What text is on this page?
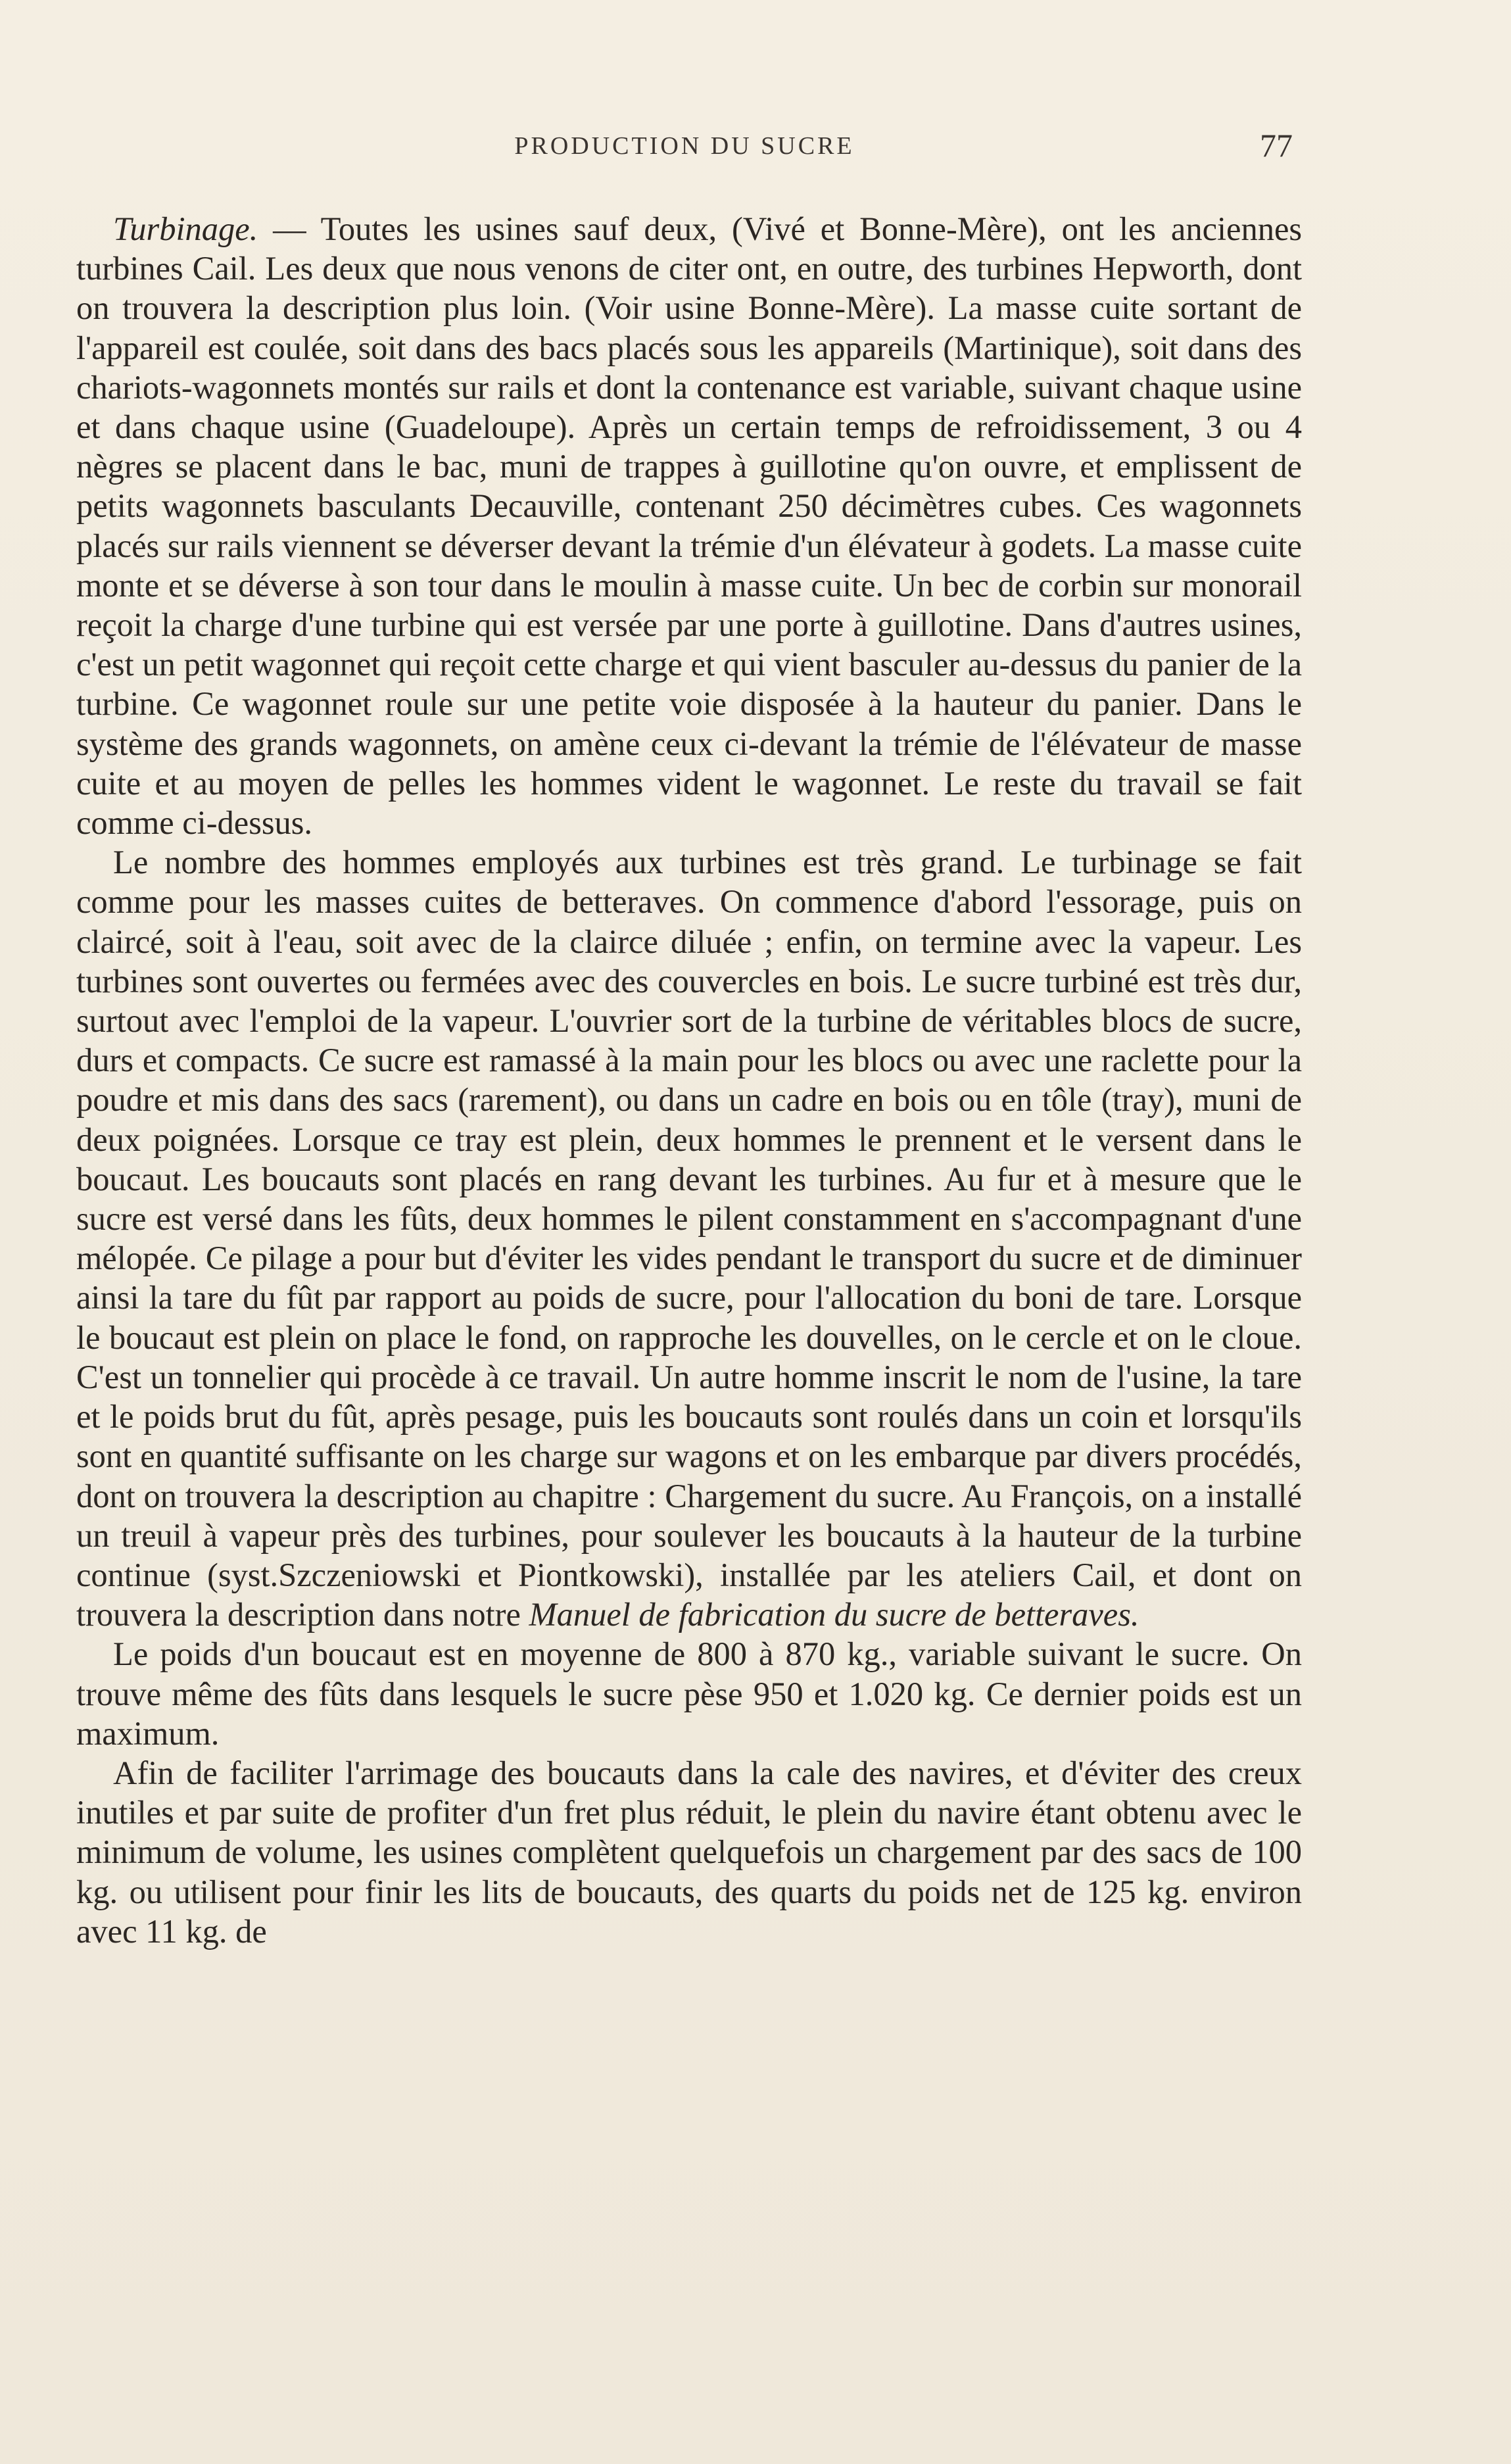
PRODUCTION DU SUCRE	77

Turbinage. — Toutes les usines sauf deux, (Vivé et Bonne-Mère), ont les anciennes turbines Cail. Les deux que nous venons de citer ont, en outre, des turbines Hepworth, dont on trouvera la description plus loin. (Voir usine Bonne-Mère). La masse cuite sortant de l'appareil est coulée, soit dans des bacs placés sous les appareils (Martinique), soit dans des chariots-wagonnets montés sur rails et dont la contenance est variable, suivant chaque usine et dans chaque usine (Guadeloupe). Après un certain temps de refroidissement, 3 ou 4 nègres se placent dans le bac, muni de trappes à guillotine qu'on ouvre, et emplissent de petits wagonnets basculants Decauville, contenant 250 décimètres cubes. Ces wagonnets placés sur rails viennent se déverser devant la trémie d'un élévateur à godets. La masse cuite monte et se déverse à son tour dans le moulin à masse cuite. Un bec de corbin sur monorail reçoit la charge d'une turbine qui est versée par une porte à guillotine. Dans d'autres usines, c'est un petit wagonnet qui reçoit cette charge et qui vient basculer au-dessus du panier de la turbine. Ce wagonnet roule sur une petite voie disposée à la hauteur du panier. Dans le système des grands wagonnets, on amène ceux ci-devant la trémie de l'élévateur de masse cuite et au moyen de pelles les hommes vident le wagonnet. Le reste du travail se fait comme ci-dessus.

Le nombre des hommes employés aux turbines est très grand. Le turbinage se fait comme pour les masses cuites de betteraves. On commence d'abord l'essorage, puis on claircé, soit à l'eau, soit avec de la clairce diluée ; enfin, on termine avec la vapeur. Les turbines sont ouvertes ou fermées avec des couvercles en bois. Le sucre turbiné est très dur, surtout avec l'emploi de la vapeur. L'ouvrier sort de la turbine de véritables blocs de sucre, durs et compacts. Ce sucre est ramassé à la main pour les blocs ou avec une raclette pour la poudre et mis dans des sacs (rarement), ou dans un cadre en bois ou en tôle (tray), muni de deux poignées. Lorsque ce tray est plein, deux hommes le prennent et le versent dans le boucaut. Les boucauts sont placés en rang devant les turbines. Au fur et à mesure que le sucre est versé dans les fûts, deux hommes le pilent constamment en s'accompagnant d'une mélopée. Ce pilage a pour but d'éviter les vides pendant le transport du sucre et de diminuer ainsi la tare du fût par rapport au poids de sucre, pour l'allocation du boni de tare. Lorsque le boucaut est plein on place le fond, on rapproche les douvelles, on le cercle et on le cloue. C'est un tonnelier qui procède à ce travail. Un autre homme inscrit le nom de l'usine, la tare et le poids brut du fût, après pesage, puis les boucauts sont roulés dans un coin et lorsqu'ils sont en quantité suffisante on les charge sur wagons et on les embarque par divers procédés, dont on trouvera la description au chapitre : Chargement du sucre. Au François, on a installé un treuil à vapeur près des turbines, pour soulever les boucauts à la hauteur de la turbine continue (syst.Szczeniowski et Piontkowski), installée par les ateliers Cail, et dont on trouvera la description dans notre Manuel de fabrication du sucre de betteraves.

Le poids d'un boucaut est en moyenne de 800 à 870 kg., variable suivant le sucre. On trouve même des fûts dans lesquels le sucre pèse 950 et 1.020 kg. Ce dernier poids est un maximum.

Afin de faciliter l'arrimage des boucauts dans la cale des navires, et d'éviter des creux inutiles et par suite de profiter d'un fret plus réduit, le plein du navire étant obtenu avec le minimum de volume, les usines complètent quelquefois un chargement par des sacs de 100 kg. ou utilisent pour finir les lits de boucauts, des quarts du poids net de 125 kg. environ avec 11 kg. de
